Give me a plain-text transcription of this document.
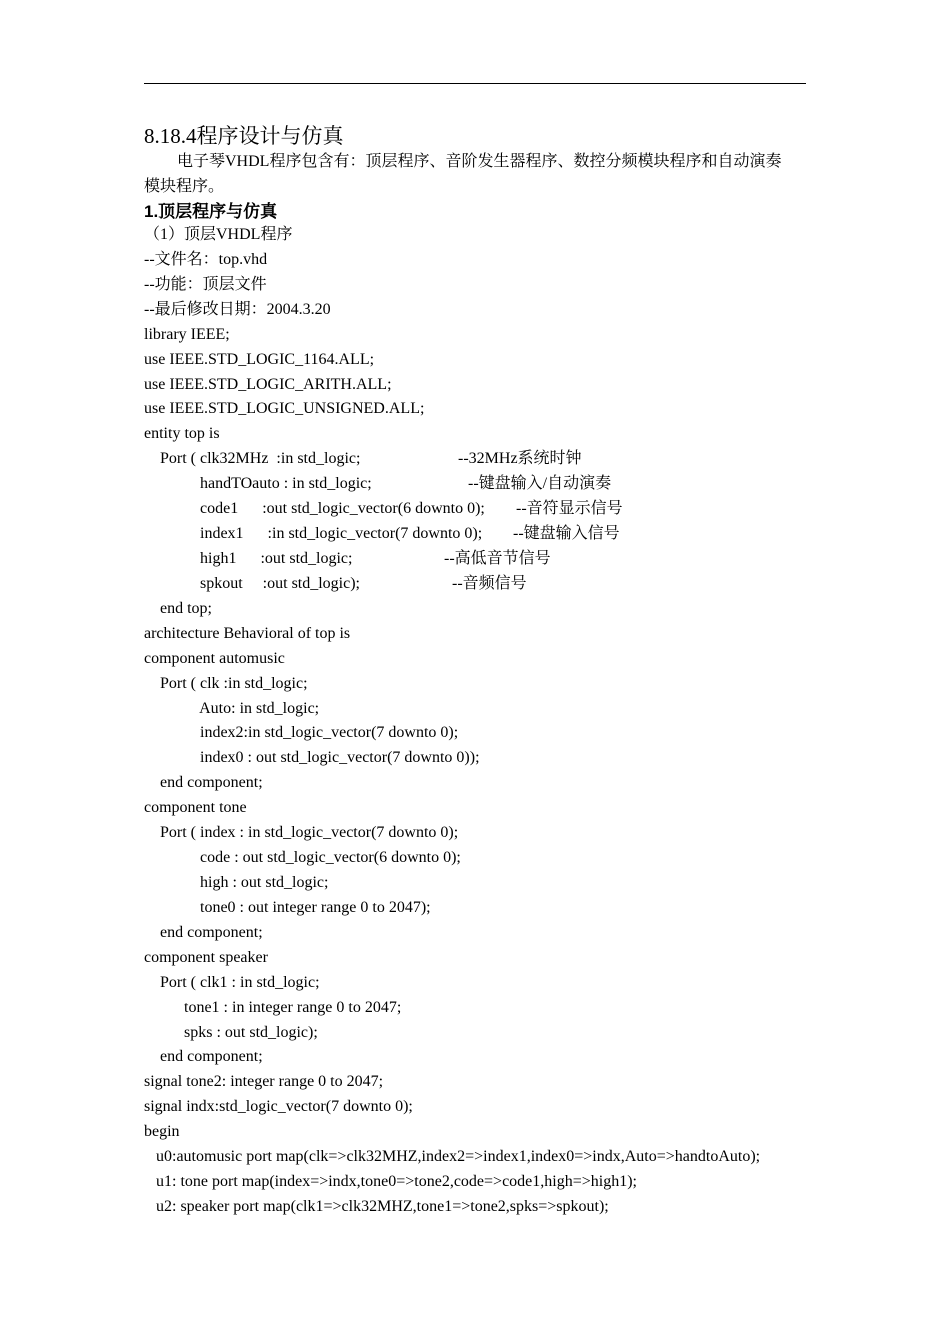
8.18.4程序设计与仿真
电子琴VHDL程序包含有：顶层程序、音阶发生器程序、数控分频模块程序和自动演奏
模块程序。
1.顶层程序与仿真
（1）顶层VHDL程序
--文件名：top.vhd
--功能：顶层文件
--最后修改日期：2004.3.20
library IEEE;
use IEEE.STD_LOGIC_1164.ALL;
use IEEE.STD_LOGIC_ARITH.ALL;
use IEEE.STD_LOGIC_UNSIGNED.ALL;
entity top is
Port ( clk32MHz  :in std_logic;	--32MHz系统时钟
handTOauto : in std_logic;	--键盘输入/自动演奏
code1      :out std_logic_vector(6 downto 0); --音符显示信号
index1      :in std_logic_vector(7 downto 0); --键盘输入信号
high1      :out std_logic;	--高低音节信号
spkout     :out std_logic);	--音频信号
end top;
architecture Behavioral of top is
component automusic
Port ( clk :in std_logic;
Auto: in std_logic;
index2:in std_logic_vector(7 downto 0);
index0 : out std_logic_vector(7 downto 0));
end component;
component tone
Port ( index : in std_logic_vector(7 downto 0);
code : out std_logic_vector(6 downto 0);
high : out std_logic;
tone0 : out integer range 0 to 2047);
end component;
component speaker
Port ( clk1 : in std_logic;
tone1 : in integer range 0 to 2047;
spks : out std_logic);
end component;
signal tone2: integer range 0 to 2047;
signal indx:std_logic_vector(7 downto 0);
begin
u0:automusic port map(clk=>clk32MHZ,index2=>index1,index0=>indx,Auto=>handtoAuto);
u1: tone port map(index=>indx,tone0=>tone2,code=>code1,high=>high1);
u2: speaker port map(clk1=>clk32MHZ,tone1=>tone2,spks=>spkout);
